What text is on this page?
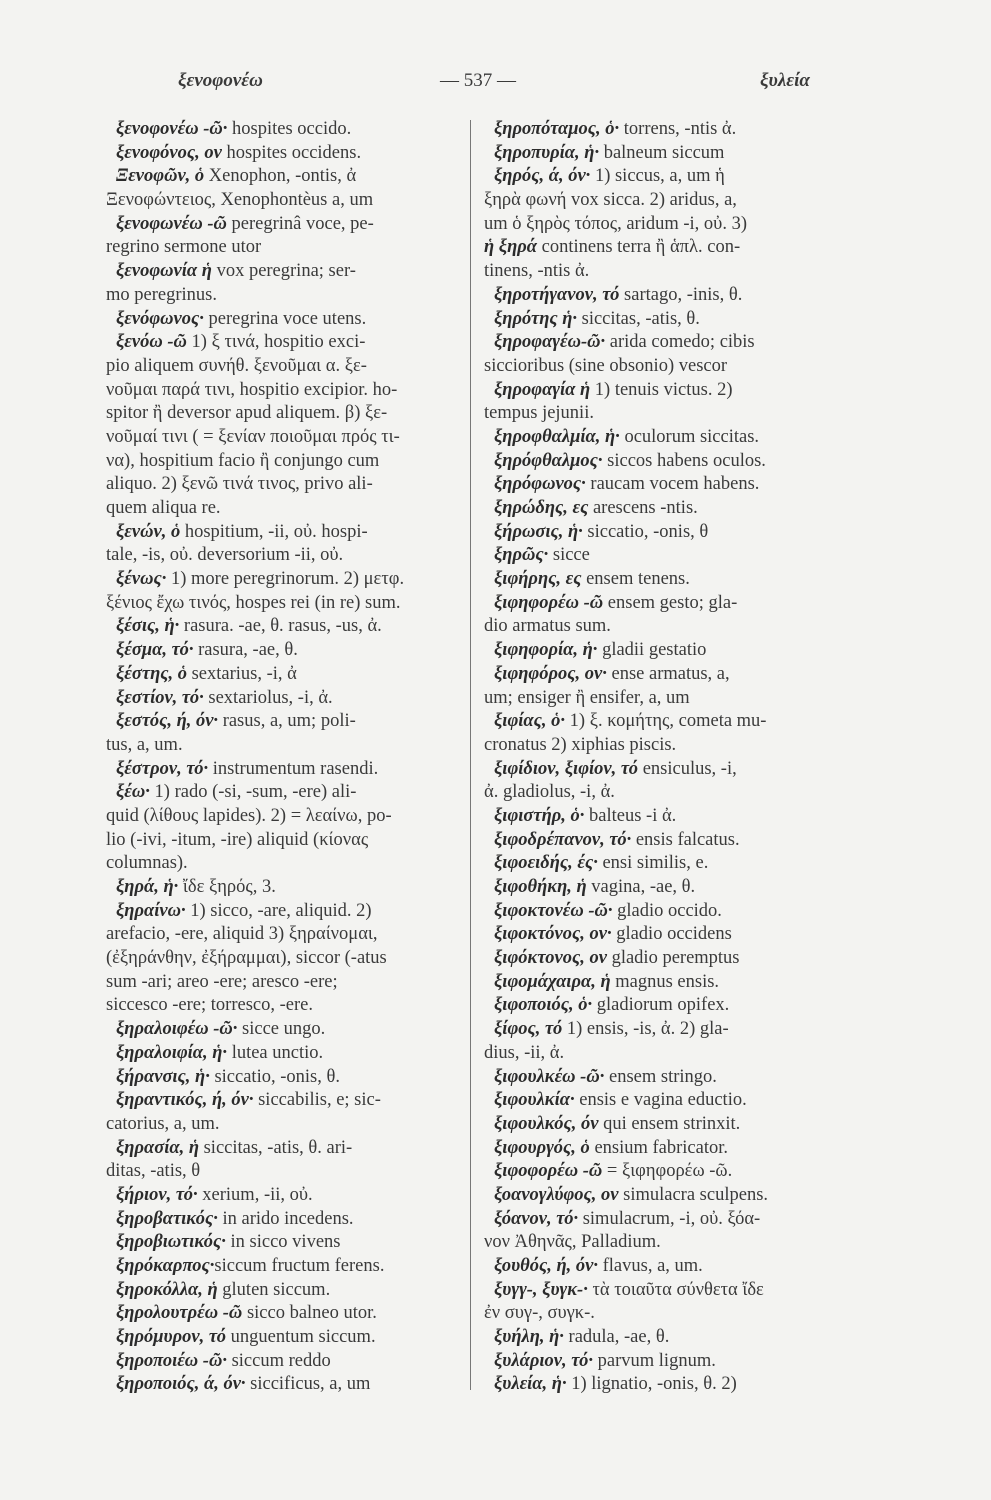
ξενοφονέω	— 537 —	ξυλεία
ξενοφονέω -ῶ· hospites occido.
ξενοφόνος, ον hospites occidens.
Ξενοφῶν, ὁ Xenophon, -ontis, ἀ
Ξενοφώντειος, Xenophontèus a, um
ξενοφωνέω -ῶ peregrinâ voce, pe-
regrino sermone utor
ξενοφωνία ἡ vox peregrina; ser-
mo peregrinus.
ξενόφωνος· peregrina voce utens.
ξενόω -ῶ 1) ξ τινά, hospitio exci-
pio aliquem συνήθ. ξενοῦμαι α. ξε-
νοῦμαι παρά τινι, hospitio excipior. ho-
spitor ἢ deversor apud aliquem. β) ξε-
νοῦμαί τινι ( = ξενίαν ποιοῦμαι πρός τι-
να), hospitium facio ἢ conjungo cum
aliquo. 2) ξενῶ τινά τινος, privo ali-
quem aliqua re.
ξενών, ὁ hospitium, -ii, οὐ. hospi-
tale, -is, οὐ. deversorium -ii, οὐ.
ξένως· 1) more peregrinorum. 2) μετφ.
ξένιος ἔχω τινός, hospes rei (in re) sum.
ξέσις, ἡ· rasura. -ae, θ. rasus, -us, ἀ.
ξέσμα, τό· rasura, -ae, θ.
ξέστης, ὁ sextarius, -i, ἀ
ξεστίον, τό· sextariolus, -i, ἀ.
ξεστός, ή, όν· rasus, a, um; poli-
tus, a, um.
ξέστρον, τό· instrumentum rasendi.
ξέω· 1) rado (-si, -sum, -ere) ali-
quid (λίθους lapides). 2) = λεαίνω, po-
lio (-ivi, -itum, -ire) aliquid (κίονας
columnas).
ξηρά, ἡ· ἴδε ξηρός, 3.
ξηραίνω· 1) sicco, -are, aliquid. 2)
arefacio, -ere, aliquid 3) ξηραίνομαι,
(ἐξηράνθην, ἐξήραμμαι), siccor (-atus
sum -ari; areo -ere; aresco -ere;
siccesco -ere; torresco, -ere.
ξηραλοιφέω -ῶ· sicce ungo.
ξηραλοιφία, ἡ· lutea unctio.
ξήρανσις, ἡ· siccatio, -onis, θ.
ξηραντικός, ή, όν· siccabilis, e; sic-
catorius, a, um.
ξηρασία, ἡ siccitas, -atis, θ. ari-
ditas, -atis, θ
ξήριον, τό· xerium, -ii, οὐ.
ξηροβατικός· in arido incedens.
ξηροβιωτικός· in sicco vivens
ξηρόκαρπος·siccum fructum ferens.
ξηροκόλλα, ἡ gluten siccum.
ξηρολουτρέω -ῶ sicco balneo utor.
ξηρόμυρον, τό unguentum siccum.
ξηροποιέω -ῶ· siccum reddo
ξηροποιός, ά, όν· siccificus, a, um
ξηροπόταμος, ὁ· torrens, -ntis ἀ.
ξηροπυρία, ἡ· balneum siccum
ξηρός, ά, όν· 1) siccus, a, um ἡ
ξηρὰ φωνή vox sicca. 2) aridus, a,
um ὁ ξηρὸς τόπος, aridum -i, οὐ. 3)
ἡ ξηρά continens terra ἢ ἁπλ. con-
tinens, -ntis ἀ.
ξηροτήγανον, τό sartago, -inis, θ.
ξηρότης ἡ· siccitas, -atis, θ.
ξηροφαγέω-ῶ· arida comedo; cibis
siccioribus (sine obsonio) vescor
ξηροφαγία ἡ 1) tenuis victus. 2)
tempus jejunii.
ξηροφθαλμία, ἡ· oculorum siccitas.
ξηρόφθαλμος· siccos habens oculos.
ξηρόφωνος· raucam vocem habens.
ξηρώδης, ες arescens -ntis.
ξήρωσις, ἡ· siccatio, -onis, θ
ξηρῶς· sicce
ξιφήρης, ες ensem tenens.
ξιφηφορέω -ῶ ensem gesto; gla-
dio armatus sum.
ξιφηφορία, ἡ· gladii gestatio
ξιφηφόρος, ον· ense armatus, a,
um; ensiger ἢ ensifer, a, um
ξιφίας, ὁ· 1) ξ. κομήτης, cometa mu-
cronatus 2) xiphias piscis.
ξιφίδιον, ξιφίον, τό ensiculus, -i,
ἀ. gladiolus, -i, ἀ.
ξιφιστήρ, ὁ· balteus -i ἀ.
ξιφοδρέπανον, τό· ensis falcatus.
ξιφοειδής, ές· ensi similis, e.
ξιφοθήκη, ἡ vagina, -ae, θ.
ξιφοκτονέω -ῶ· gladio occido.
ξιφοκτόνος, ον· gladio occidens
ξιφόκτονος, ον gladio peremptus
ξιφομάχαιρα, ἡ magnus ensis.
ξιφοποιός, ὁ· gladiorum opifex.
ξίφος, τό 1) ensis, -is, ἀ. 2) gla-
dius, -ii, ἀ.
ξιφουλκέω -ῶ· ensem stringo.
ξιφουλκία· ensis e vagina eductio.
ξιφουλκός, όν qui ensem strinxit.
ξιφουργός, ὁ ensium fabricator.
ξιφοφορέω -ῶ = ξιφηφορέω -ῶ.
ξοανογλύφος, ον simulacra sculpens.
ξόανον, τό· simulacrum, -i, οὐ. ξόα-
νον Ἀθηνᾶς, Palladium.
ξουθός, ή, όν· flavus, a, um.
ξυγγ-, ξυγκ-· τὰ τοιαῦτα σύνθετα ἴδε
ἐν συγ-, συγκ-.
ξυήλη, ἡ· radula, -ae, θ.
ξυλάριον, τό· parvum lignum.
ξυλεία, ἡ· 1) lignatio, -onis, θ. 2)
